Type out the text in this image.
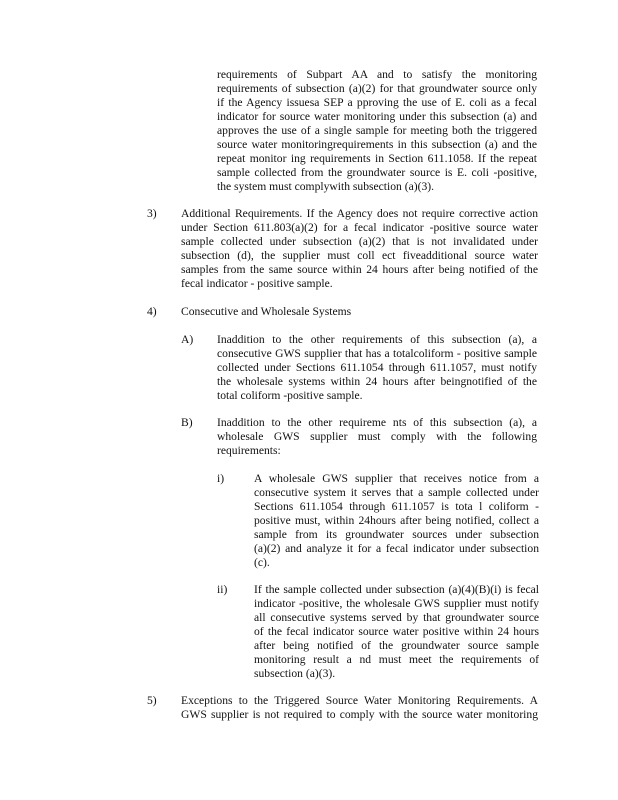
requirements of Subpart AA and to satisfy the monitoring
requirements of subsection (a)(2) for that groundwater source only
if the Agency issuesa SEP a pproving the use of E. coli as a fecal
indicator for source water monitoring under this subsection (a) and
approves the use of a single sample for meeting both the triggered
source water monitoringrequirements in this subsection (a) and the
repeat monitor ing requirements in Section 611.1058. If the repeat
sample collected from the groundwater source is E. coli -positive,
the system must complywith subsection (a)(3).
3) Additional Requirements. If the Agency does not require corrective action
under Section 611.803(a)(2) for a fecal indicator -positive source water
sample collected under subsection (a)(2) that is not invalidated under
subsection (d), the supplier must coll ect fiveadditional source water
samples from the same source within 24 hours after being notified of the
fecal indicator - positive sample.
4) Consecutive and Wholesale Systems
A) Inaddition to the other requirements of this subsection (a), a
consecutive GWS supplier that has a totalcoliform - positive sample
collected under Sections 611.1054 through 611.1057, must notify
the wholesale systems within 24 hours after beingnotified of the
total coliform -positive sample.
B) Inaddition to the other requireme nts of this subsection (a), a
wholesale GWS supplier must comply with the following
requirements:
i)	A wholesale GWS supplier that receives notice from a
consecutive system it serves that a sample collected under
Sections 611.1054 through 611.1057 is tota l coliform -
positive must, within 24hours after being notified, collect a
sample from its groundwater sources under subsection
(a)(2) and analyze it for a fecal indicator under subsection
(c).
ii) If the sample collected under subsection (a)(4)(B)(i) is fecal
indicator -positive, the wholesale GWS supplier must notify
all consecutive systems served by that groundwater source
of the fecal indicator source water positive within 24 hours
after being notified of the groundwater source sample
monitoring result a nd must meet the requirements of
subsection (a)(3).
5) Exceptions to the Triggered Source Water Monitoring Requirements. A
GWS supplier is not required to comply with the source water monitoring
